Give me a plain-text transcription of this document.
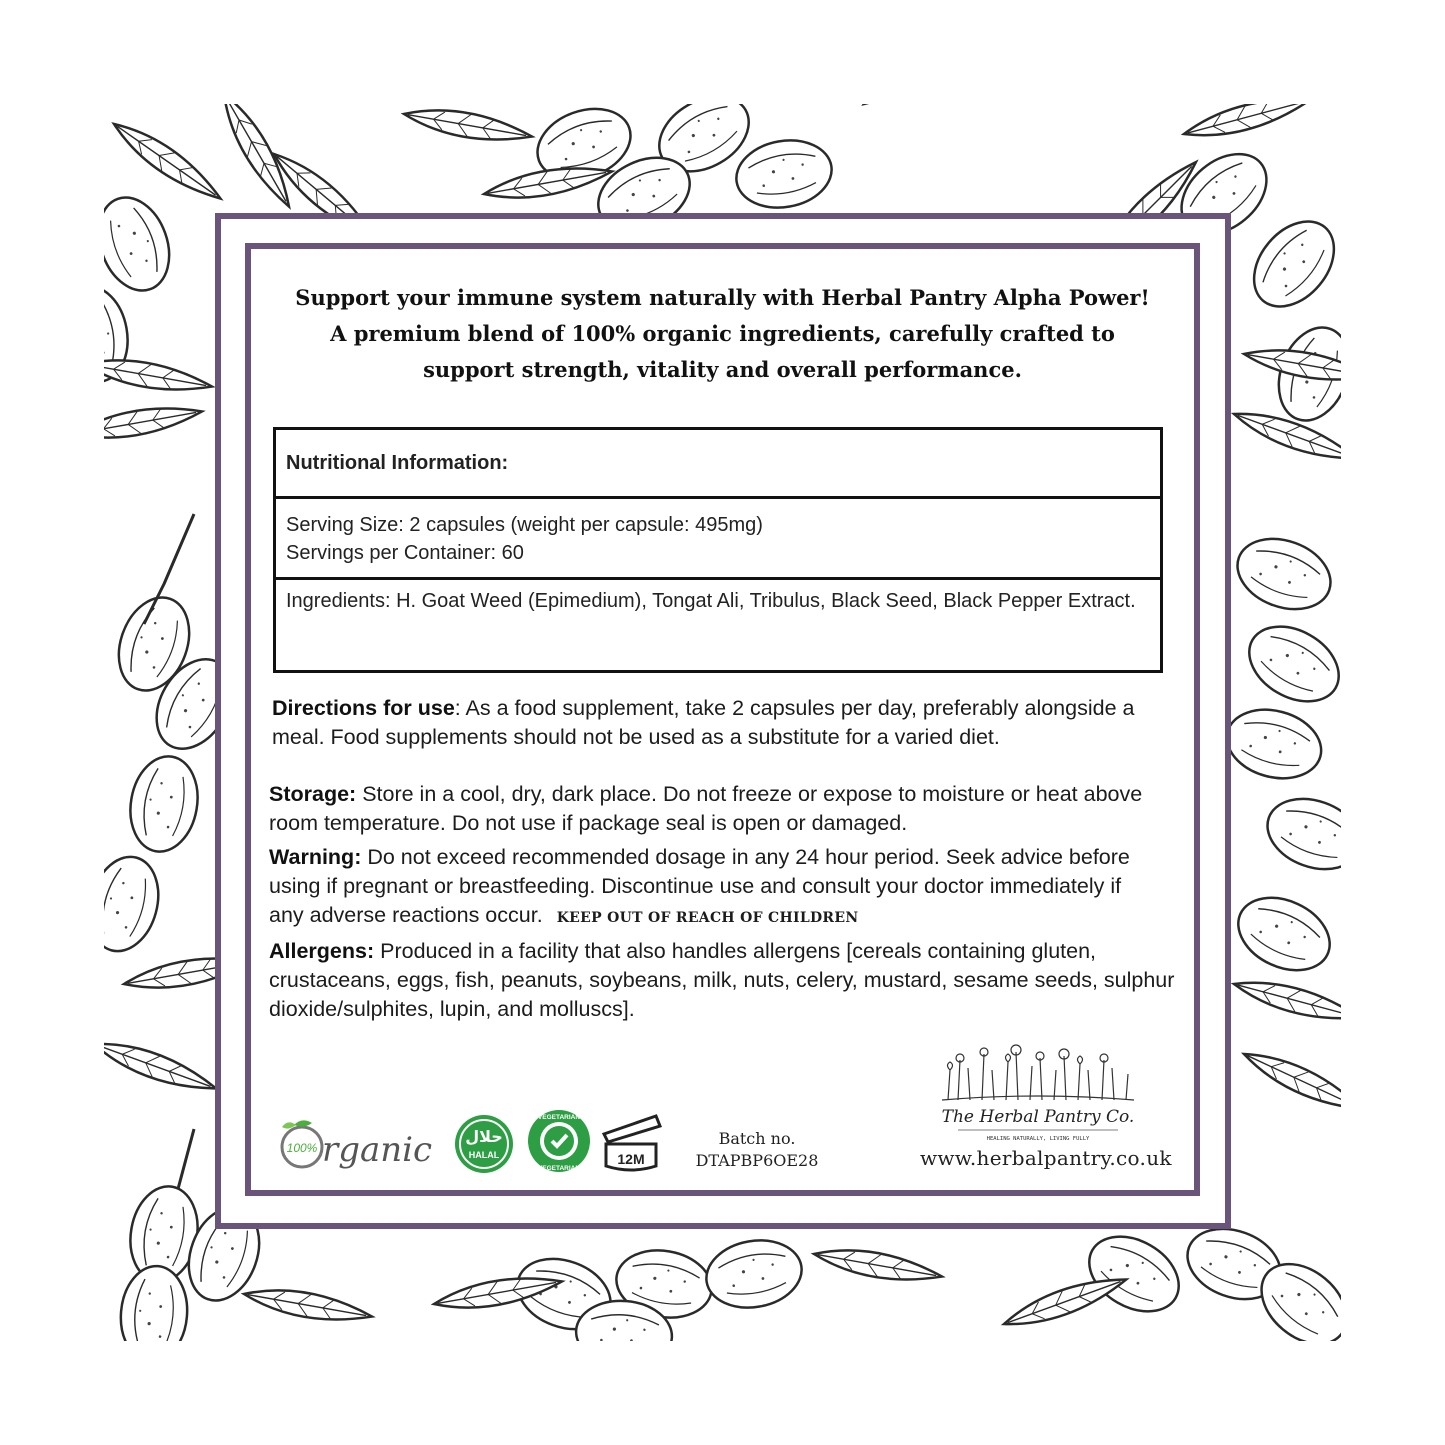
Support your immune system naturally with Herbal Pantry Alpha Power!
A premium blend of 100% organic ingredients, carefully crafted to
support strength, vitality and overall performance.
Nutritional Information:
Serving Size: 2 capsules (weight per capsule: 495mg)
Servings per Container: 60
Ingredients: H. Goat Weed (Epimedium), Tongat Ali, Tribulus, Black Seed, Black Pepper Extract.
Directions for use: As a food supplement, take 2 capsules per day, preferably alongside a meal. Food supplements should not be used as a substitute for a varied diet.
Storage: Store in a cool, dry, dark place. Do not freeze or expose to moisture or heat above room temperature. Do not use if package seal is open or damaged.
Warning: Do not exceed recommended dosage in any 24 hour period. Seek advice before using if pregnant or breastfeeding. Discontinue use and consult your doctor immediately if any adverse reactions occur. KEEP OUT OF REACH OF CHILDREN
Allergens: Produced in a facility that also handles allergens [cereals containing gluten, crustaceans, eggs, fish, peanuts, soybeans, milk, nuts, celery, mustard, sesame seeds, sulphur dioxide/sulphites, lupin, and molluscs].
100% rganic حلال
HALAL
VEGETARIAN
VEGETARIAN
12M
Batch no.
DTAPBP6OE28
The Herbal Pantry Co.
HEALING NATURALLY, LIVING FULLY
www.herbalpantry.co.uk
